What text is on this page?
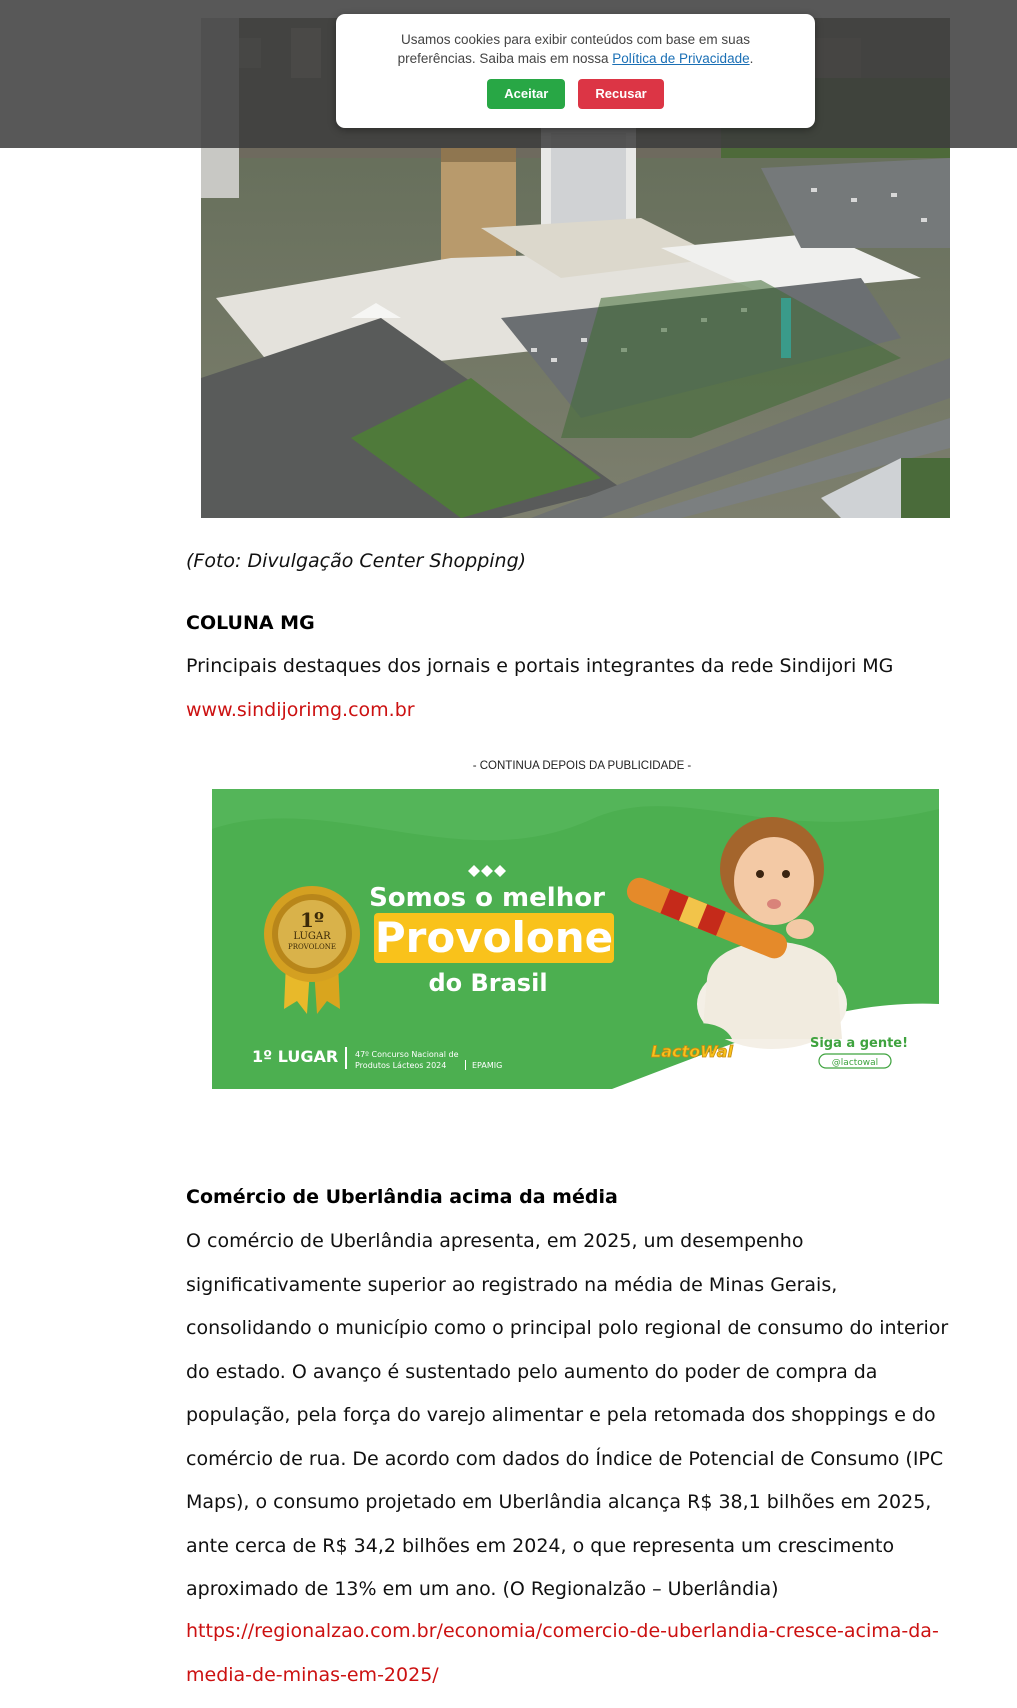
Usamos cookies para exibir conteúdos com base em suas preferências. Saiba mais em nossa Política de Privacidade.
Aceitar	Recusar
(Foto: Divulgação Center Shopping)
COLUNA MG
Principais destaques dos jornais e portais integrantes da rede Sindijori MG
www.sindijorimg.com.br
- CONTINUA DEPOIS DA PUBLICIDADE -
1º
LUGAR
PROVOLONE
Somos o melhor
Provolone
do Brasil
1º LUGAR 47º Concurso Nacional de
Produtos Lácteos 2024	EPAMIG
LactoWal	Siga a gente!
@lactowal
Comércio de Uberlândia acima da média
O comércio de Uberlândia apresenta, em 2025, um desempenho significativamente superior ao registrado na média de Minas Gerais, consolidando o município como o principal polo regional de consumo do interior do estado. O avanço é sustentado pelo aumento do poder de compra da população, pela força do varejo alimentar e pela retomada dos shoppings e do comércio de rua. De acordo com dados do Índice de Potencial de Consumo (IPC Maps), o consumo projetado em Uberlândia alcança R$ 38,1 bilhões em 2025, ante cerca de R$ 34,2 bilhões em 2024, o que representa um crescimento aproximado de 13% em um ano. (O Regionalzão – Uberlândia)
https://regionalzao.com.br/economia/comercio-de-uberlandia-cresce-acima-da-media-de-minas-em-2025/
